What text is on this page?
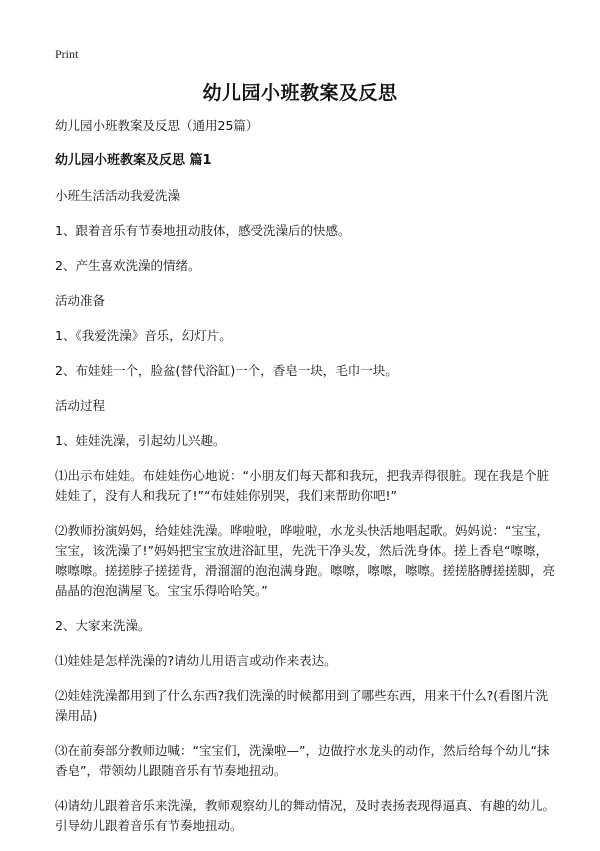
Print
幼儿园小班教案及反思

幼儿园小班教案及反思（通用25篇）

幼儿园小班教案及反思 篇1

小班生活活动我爱洗澡

1、跟着音乐有节奏地扭动肢体，感受洗澡后的快感。

2、产生喜欢洗澡的情绪。

活动准备

1、《我爱洗澡》音乐，幻灯片。

2、布娃娃一个，脸盆(替代浴缸)一个，香皂一块，毛巾一块。

活动过程

1、娃娃洗澡，引起幼儿兴趣。

⑴出示布娃娃。布娃娃伤心地说：“小朋友们每天都和我玩，把我弄得很脏。现在我是个脏娃娃了，没有人和我玩了!”“布娃娃你别哭，我们来帮助你吧!”

⑵教师扮演妈妈，给娃娃洗澡。哗啦啦，哗啦啦，水龙头快活地唱起歌。妈妈说：“宝宝，宝宝，该洗澡了!”妈妈把宝宝放进浴缸里，先洗干净头发，然后洗身体。搓上香皂“嚓嚓，嚓嚓嚓。搓搓脖子搓搓背，滑溜溜的泡泡满身跑。嚓嚓，嚓嚓，嚓嚓。搓搓胳膊搓搓脚，亮晶晶的泡泡满屋飞。宝宝乐得哈哈笑。”

2、大家来洗澡。

⑴娃娃是怎样洗澡的?请幼儿用语言或动作来表达。

⑵娃娃洗澡都用到了什么东西?我们洗澡的时候都用到了哪些东西，用来干什么?(看图片洗澡用品)

⑶在前奏部分教师边喊：“宝宝们，洗澡啦—”，边做拧水龙头的动作，然后给每个幼儿“抹香皂”，带领幼儿跟随音乐有节奏地扭动。

⑷请幼儿跟着音乐来洗澡，教师观察幼儿的舞动情况，及时表扬表现得逼真、有趣的幼儿。引导幼儿跟着音乐有节奏地扭动。
